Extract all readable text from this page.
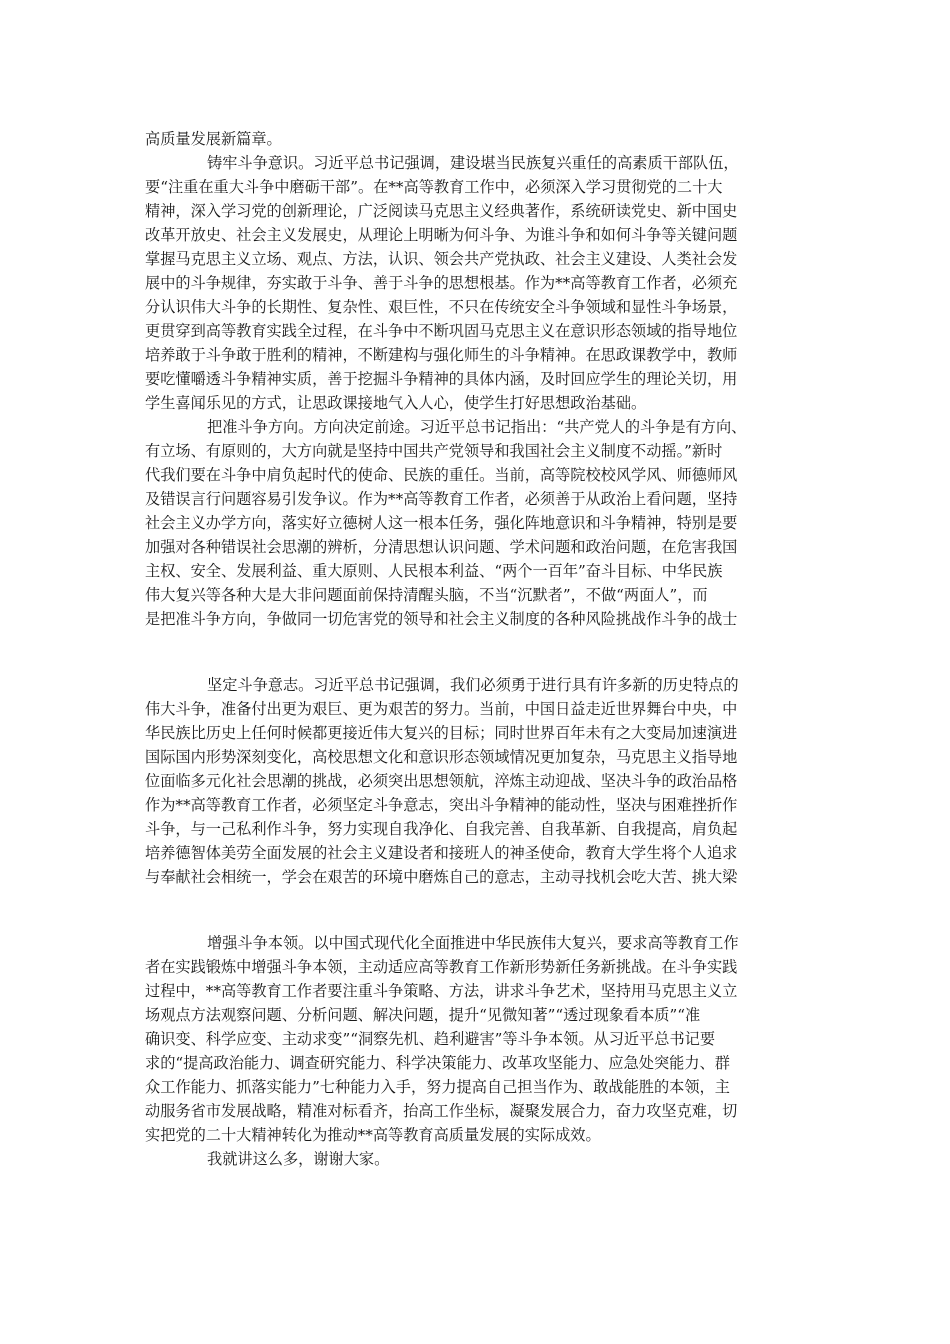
高质量发展新篇章。
铸牢斗争意识。习近平总书记强调，建设堪当民族复兴重任的高素质干部队伍，
要“注重在重大斗争中磨砺干部”。在**高等教育工作中，必须深入学习贯彻党的二十大
精神，深入学习党的创新理论，广泛阅读马克思主义经典著作，系统研读党史、新中国史
改革开放史、社会主义发展史，从理论上明晰为何斗争、为谁斗争和如何斗争等关键问题
掌握马克思主义立场、观点、方法，认识、领会共产党执政、社会主义建设、人类社会发
展中的斗争规律，夯实敢于斗争、善于斗争的思想根基。作为**高等教育工作者，必须充
分认识伟大斗争的长期性、复杂性、艰巨性，不只在传统安全斗争领域和显性斗争场景，
更贯穿到高等教育实践全过程，在斗争中不断巩固马克思主义在意识形态领域的指导地位
培养敢于斗争敢于胜利的精神，不断建构与强化师生的斗争精神。在思政课教学中，教师
要吃懂嚼透斗争精神实质，善于挖掘斗争精神的具体内涵，及时回应学生的理论关切，用
学生喜闻乐见的方式，让思政课接地气入人心，使学生打好思想政治基础。
把准斗争方向。方向决定前途。习近平总书记指出：“共产党人的斗争是有方向、
有立场、有原则的，大方向就是坚持中国共产党领导和我国社会主义制度不动摇。”新时
代我们要在斗争中肩负起时代的使命、民族的重任。当前，高等院校校风学风、师德师风
及错误言行问题容易引发争议。作为**高等教育工作者，必须善于从政治上看问题，坚持
社会主义办学方向，落实好立德树人这一根本任务，强化阵地意识和斗争精神，特别是要
加强对各种错误社会思潮的辨析，分清思想认识问题、学术问题和政治问题，在危害我国
主权、安全、发展利益、重大原则、人民根本利益、“两个一百年”奋斗目标、中华民族
伟大复兴等各种大是大非问题面前保持清醒头脑，不当“沉默者”，不做“两面人”，而
是把准斗争方向，争做同一切危害党的领导和社会主义制度的各种风险挑战作斗争的战士
坚定斗争意志。习近平总书记强调，我们必须勇于进行具有许多新的历史特点的
伟大斗争，准备付出更为艰巨、更为艰苦的努力。当前，中国日益走近世界舞台中央，中
华民族比历史上任何时候都更接近伟大复兴的目标；同时世界百年未有之大变局加速演进
国际国内形势深刻变化，高校思想文化和意识形态领域情况更加复杂，马克思主义指导地
位面临多元化社会思潮的挑战，必须突出思想领航，淬炼主动迎战、坚决斗争的政治品格
作为**高等教育工作者，必须坚定斗争意志，突出斗争精神的能动性，坚决与困难挫折作
斗争，与一己私利作斗争，努力实现自我净化、自我完善、自我革新、自我提高，肩负起
培养德智体美劳全面发展的社会主义建设者和接班人的神圣使命，教育大学生将个人追求
与奉献社会相统一，学会在艰苦的环境中磨炼自己的意志，主动寻找机会吃大苦、挑大梁
增强斗争本领。以中国式现代化全面推进中华民族伟大复兴，要求高等教育工作
者在实践锻炼中增强斗争本领，主动适应高等教育工作新形势新任务新挑战。在斗争实践
过程中，**高等教育工作者要注重斗争策略、方法，讲求斗争艺术，坚持用马克思主义立
场观点方法观察问题、分析问题、解决问题，提升“见微知著”“透过现象看本质”“准
确识变、科学应变、主动求变”“洞察先机、趋利避害”等斗争本领。从习近平总书记要
求的“提高政治能力、调查研究能力、科学决策能力、改革攻坚能力、应急处突能力、群
众工作能力、抓落实能力”七种能力入手，努力提高自己担当作为、敢战能胜的本领，主
动服务省市发展战略，精准对标看齐，抬高工作坐标，凝聚发展合力，奋力攻坚克难，切
实把党的二十大精神转化为推动**高等教育高质量发展的实际成效。
我就讲这么多，谢谢大家。
